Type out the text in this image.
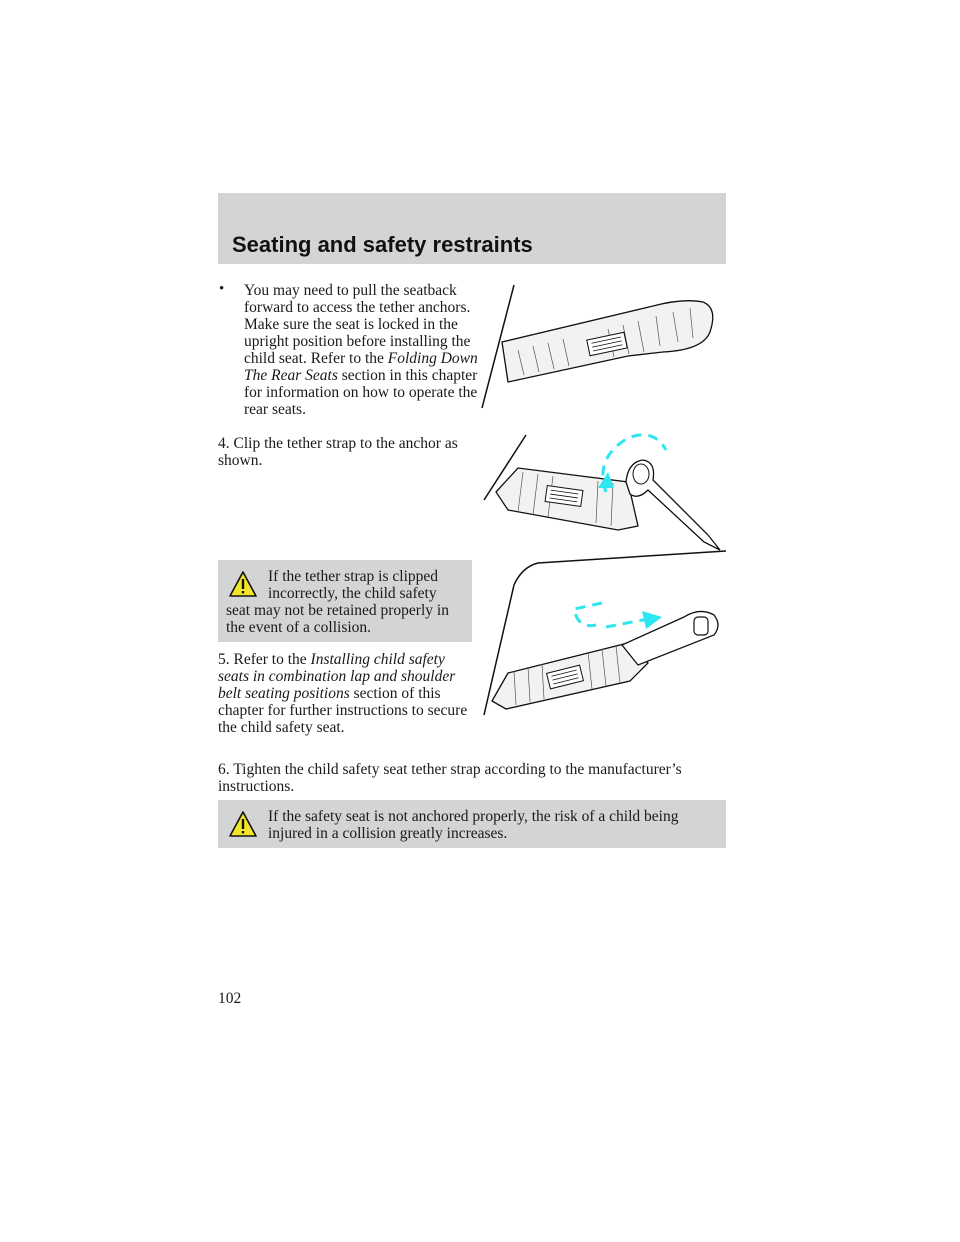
Seating and safety restraints
• You may need to pull the seatback forward to access the tether anchors. Make sure the seat is locked in the upright position before installing the child seat. Refer to the Folding Down The Rear Seats section in this chapter for information on how to operate the rear seats.

4. Clip the tether strap to the anchor as shown.

If the tether strap is clipped incorrectly, the child safety
seat may not be retained properly in the event of a collision.

5. Refer to the Installing child safety seats in combination lap and shoulder belt seating positions section of this chapter for further instructions to secure the child safety seat.

6. Tighten the child safety seat tether strap according to the manufacturer’s instructions.

If the safety seat is not anchored properly, the risk of a child being injured in a collision greatly increases.

102
